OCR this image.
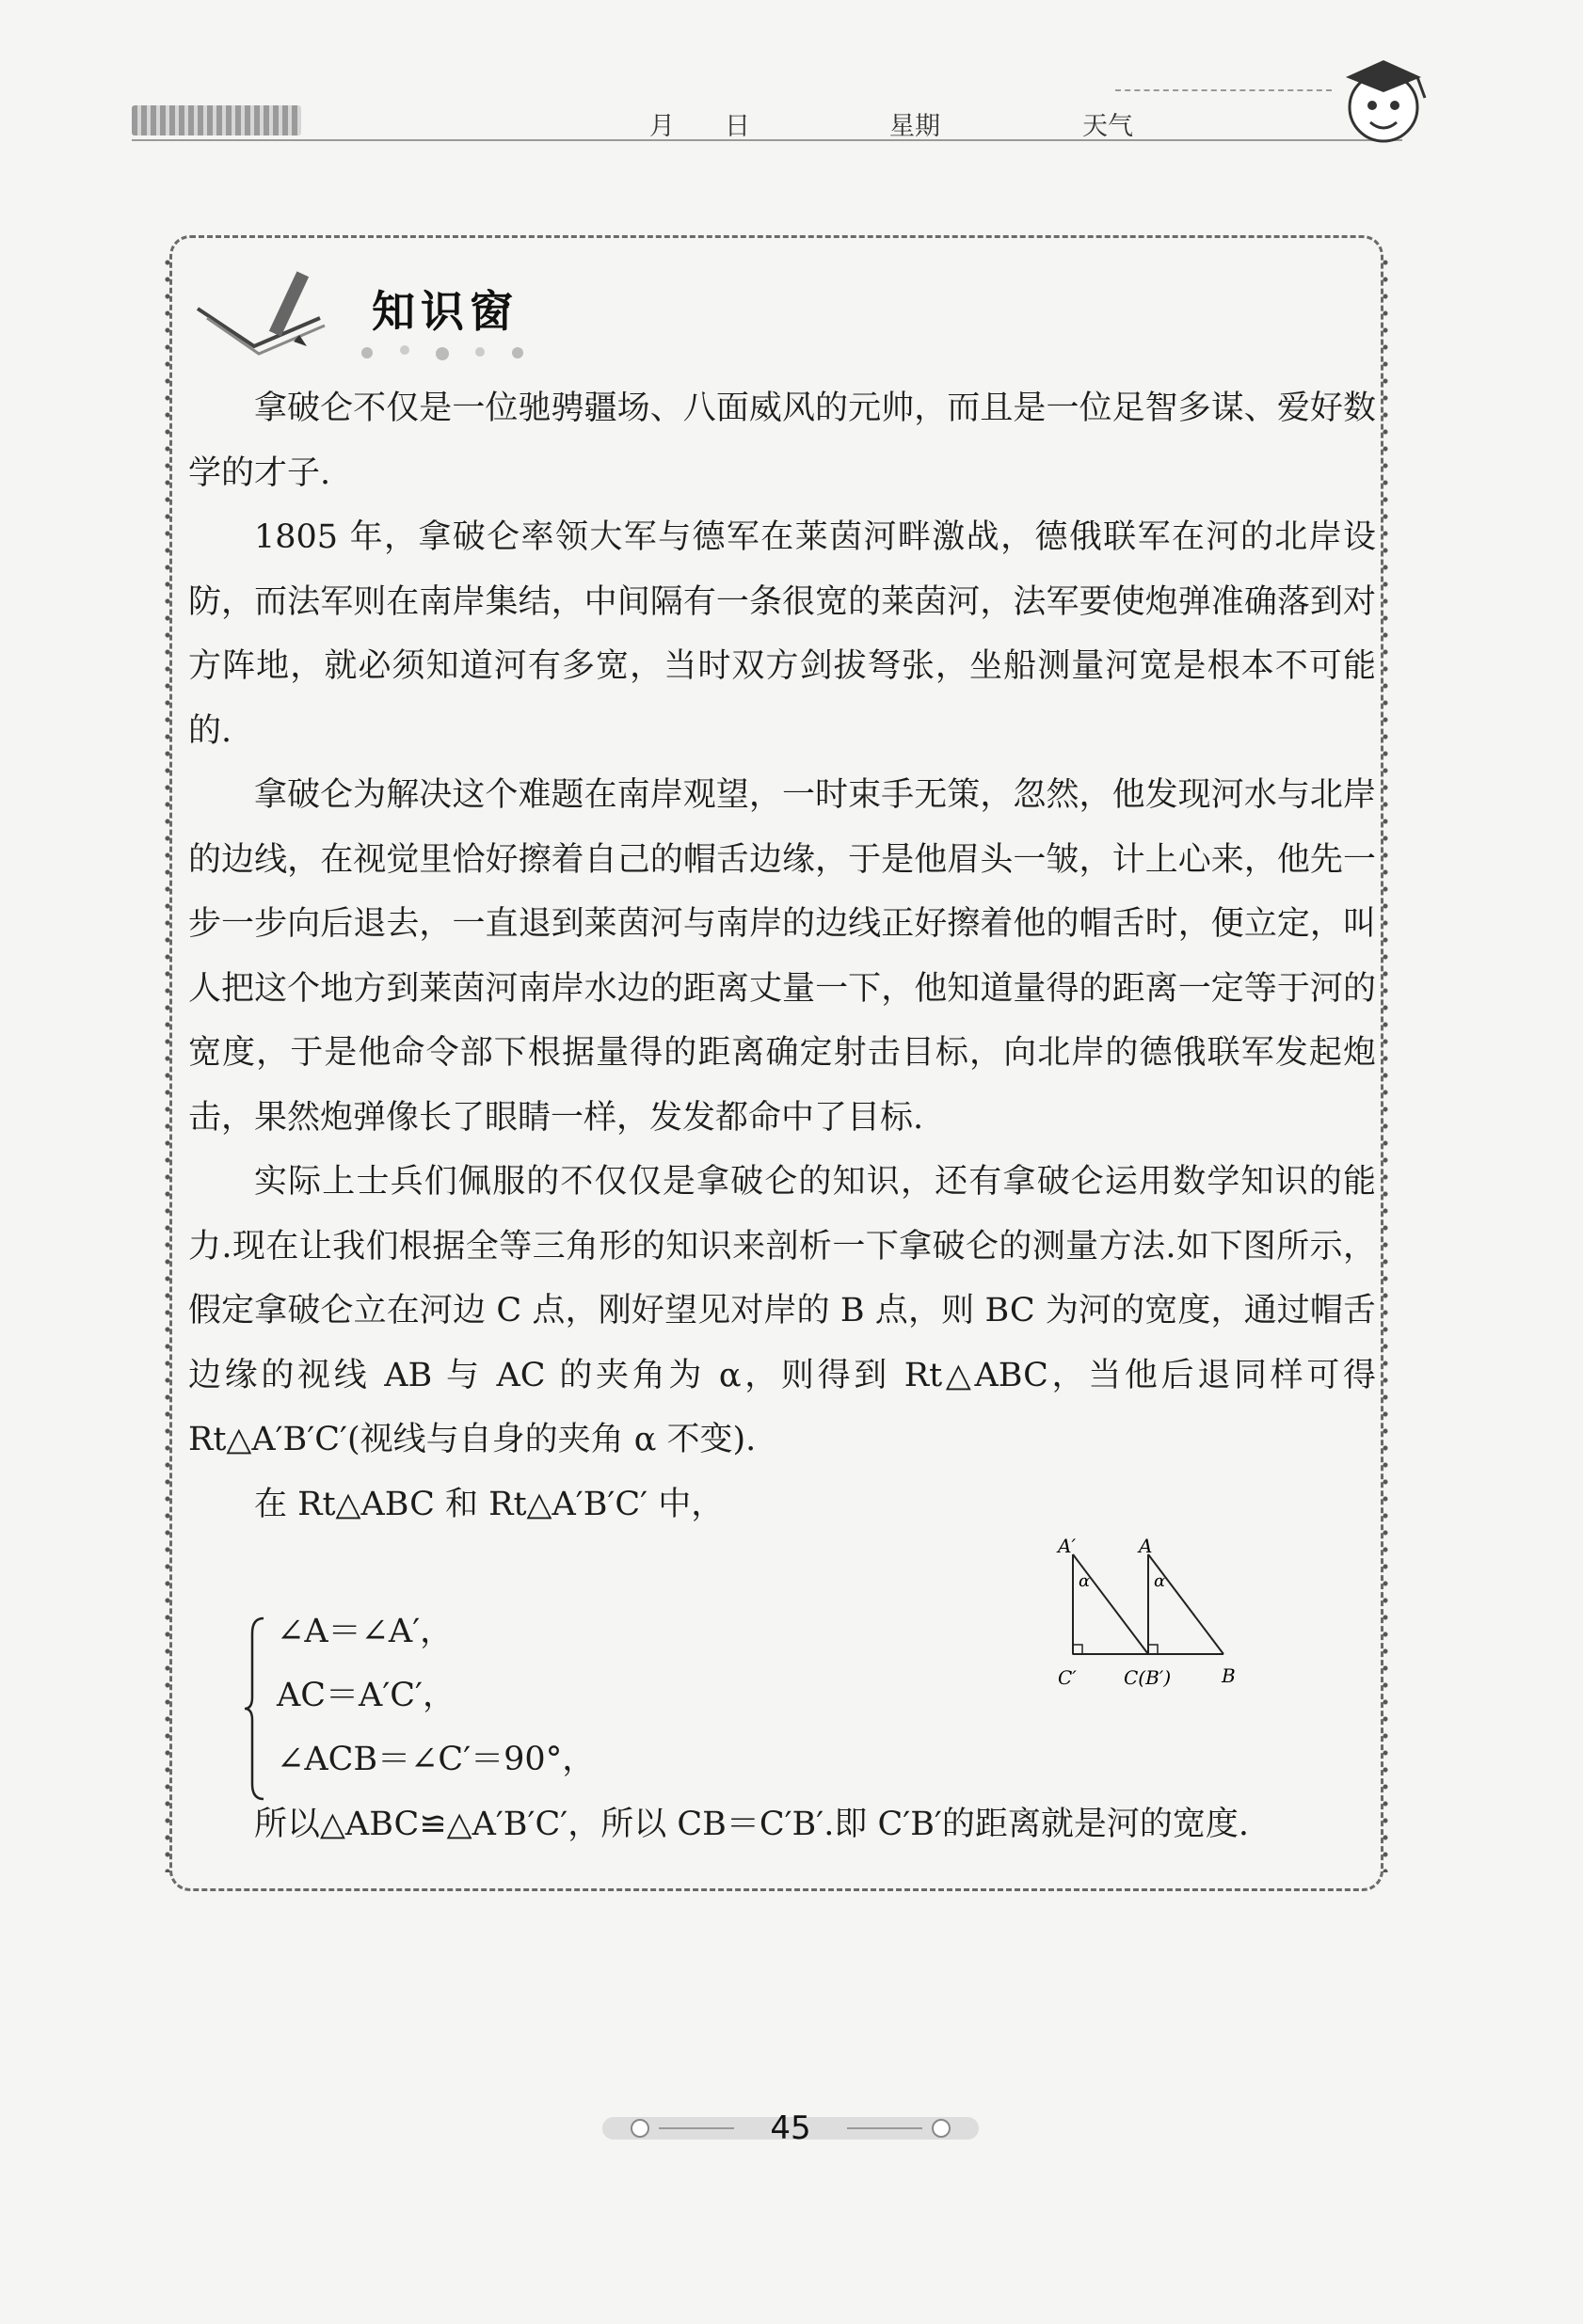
月 日	星期	天气
知识窗

拿破仑不仅是一位驰骋疆场、八面威风的元帅，而且是一位足智多谋、爱好数学的才子.

1805 年，拿破仑率领大军与德军在莱茵河畔激战，德俄联军在河的北岸设防，而法军则在南岸集结，中间隔有一条很宽的莱茵河，法军要使炮弹准确落到对方阵地，就必须知道河有多宽，当时双方剑拔弩张，坐船测量河宽是根本不可能的.

拿破仑为解决这个难题在南岸观望，一时束手无策，忽然，他发现河水与北岸的边线，在视觉里恰好擦着自己的帽舌边缘，于是他眉头一皱，计上心来，他先一步一步向后退去，一直退到莱茵河与南岸的边线正好擦着他的帽舌时，便立定，叫人把这个地方到莱茵河南岸水边的距离丈量一下，他知道量得的距离一定等于河的宽度，于是他命令部下根据量得的距离确定射击目标，向北岸的德俄联军发起炮击，果然炮弹像长了眼睛一样，发发都命中了目标.

实际上士兵们佩服的不仅仅是拿破仑的知识，还有拿破仑运用数学知识的能力.现在让我们根据全等三角形的知识来剖析一下拿破仑的测量方法.如下图所示，假定拿破仑立在河边 C 点，刚好望见对岸的 B 点，则 BC 为河的宽度，通过帽舌边缘的视线 AB 与 AC 的夹角为 α，则得到 Rt△ABC，当他后退同样可得 Rt△A′B′C′(视线与自身的夹角 α 不变).

在 Rt△ABC 和 Rt△A′B′C′ 中，

∠A＝∠A′，
AC＝A′C′，
∠ACB＝∠C′＝90°，
A′	A
α	α
C′	C(B′)	B

所以△ABC≌△A′B′C′，所以 CB＝C′B′.即 C′B′的距离就是河的宽度.

45
